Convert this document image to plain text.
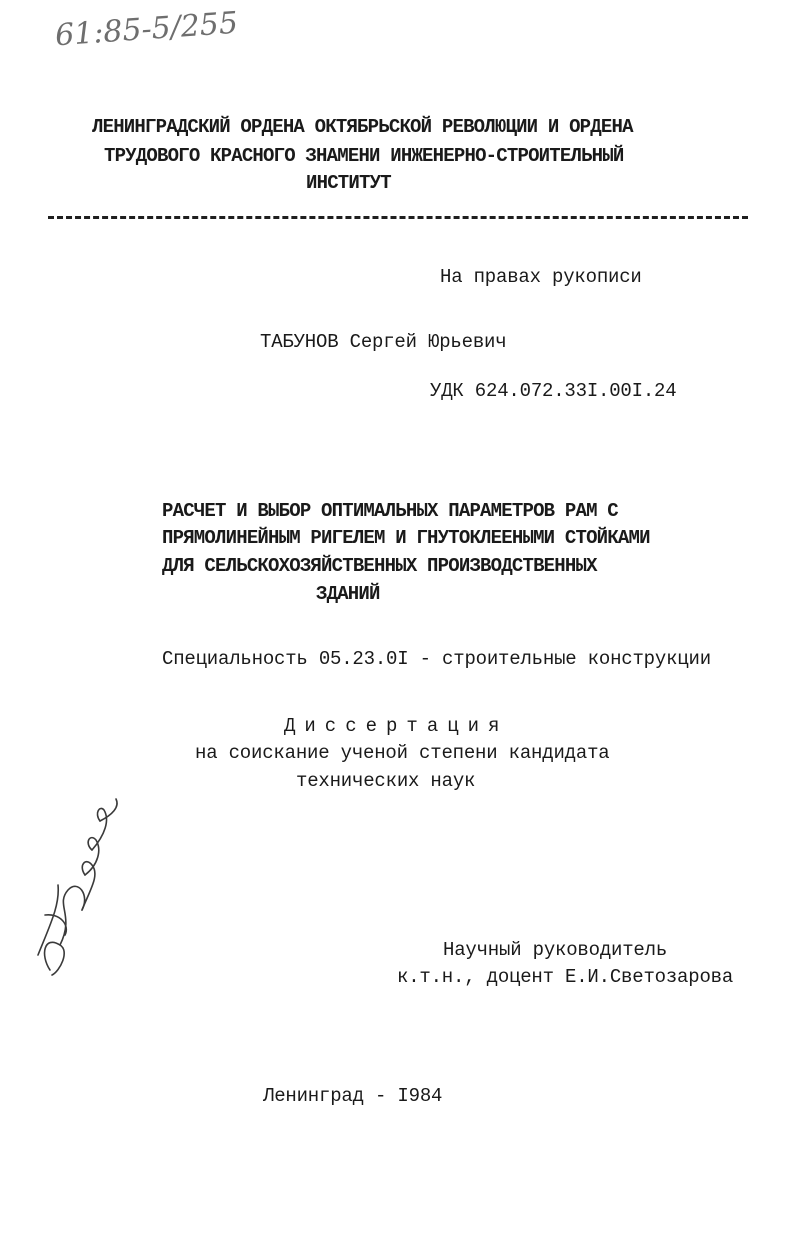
61:85-5/255
ЛЕНИНГРАДСКИЙ ОРДЕНА ОКТЯБРЬСКОЙ РЕВОЛЮЦИИ И ОРДЕНА
ТРУДОВОГО КРАСНОГО ЗНАМЕНИ ИНЖЕНЕРНО-СТРОИТЕЛЬНЫЙ
ИНСТИТУТ
На правах рукописи
ТАБУНОВ Сергей Юрьевич
УДК 624.072.33I.00I.24
РАСЧЕТ И ВЫБОР ОПТИМАЛЬНЫХ ПАРАМЕТРОВ РАМ С
ПРЯМОЛИНЕЙНЫМ РИГЕЛЕМ И ГНУТОКЛЕЕНЫМИ СТОЙКАМИ
ДЛЯ СЕЛЬСКОХОЗЯЙСТВЕННЫХ ПРОИЗВОДСТВЕННЫХ
ЗДАНИЙ
Специальность 05.23.0I - строительные конструкции
Диссертация
на соискание ученой степени кандидата
технических наук
Научный руководитель
к.т.н., доцент Е.И.Светозарова
Ленинград - I984
